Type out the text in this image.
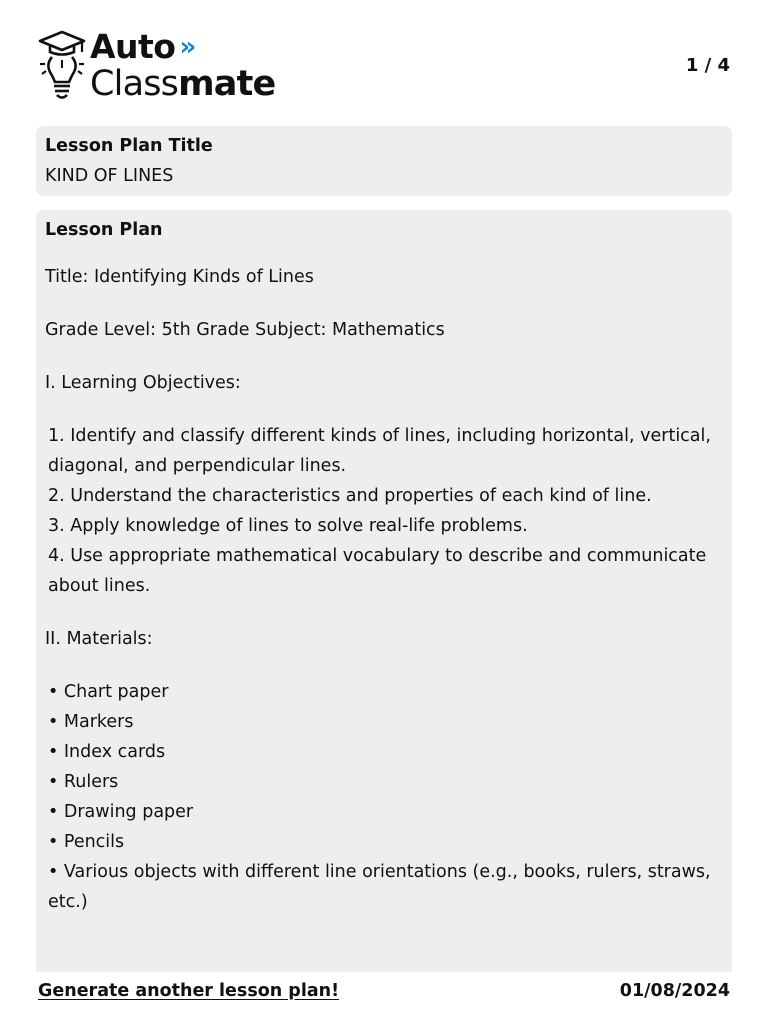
Auto »
Classmate	1 / 4
Lesson Plan Title
KIND OF LINES
Lesson Plan
Title: Identifying Kinds of Lines
Grade Level: 5th Grade Subject: Mathematics
I. Learning Objectives:
1. Identify and classify different kinds of lines, including horizontal, vertical, diagonal, and perpendicular lines.
2. Understand the characteristics and properties of each kind of line.
3. Apply knowledge of lines to solve real-life problems.
4. Use appropriate mathematical vocabulary to describe and communicate about lines.
II. Materials:
• Chart paper
• Markers
• Index cards
• Rulers
• Drawing paper
• Pencils
• Various objects with different line orientations (e.g., books, rulers, straws, etc.)
Generate another lesson plan!	01/08/2024
